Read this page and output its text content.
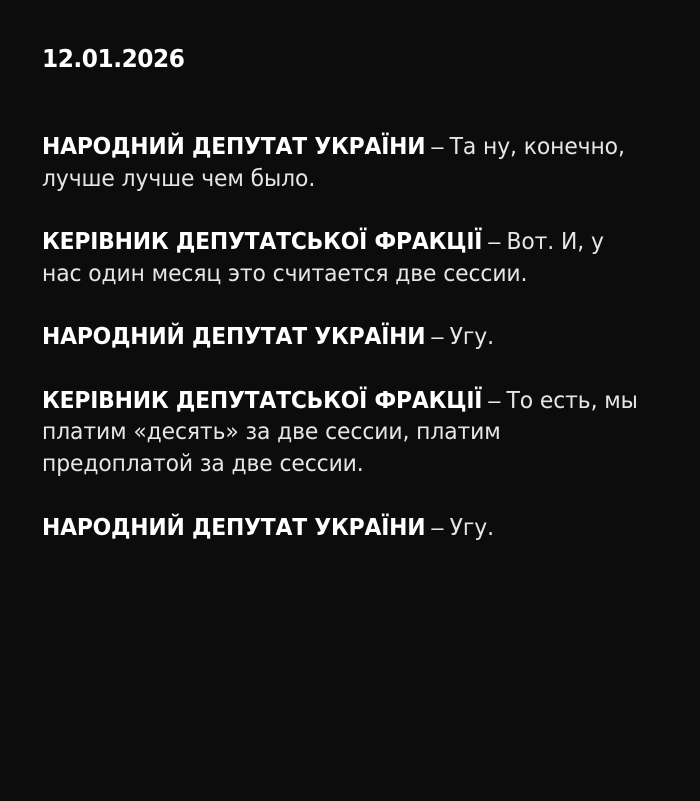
12.01.2026

НАРОДНИЙ ДЕПУТАТ УКРАЇНИ – Та ну, конечно, лучше лучше чем было.

КЕРІВНИК ДЕПУТАТСЬКОЇ ФРАКЦІЇ – Вот. И, у нас один месяц это считается две сессии.

НАРОДНИЙ ДЕПУТАТ УКРАЇНИ – Угу.

КЕРІВНИК ДЕПУТАТСЬКОЇ ФРАКЦІЇ – То есть, мы платим «десять» за две сессии, платим предоплатой за две сессии.

НАРОДНИЙ ДЕПУТАТ УКРАЇНИ – Угу.
